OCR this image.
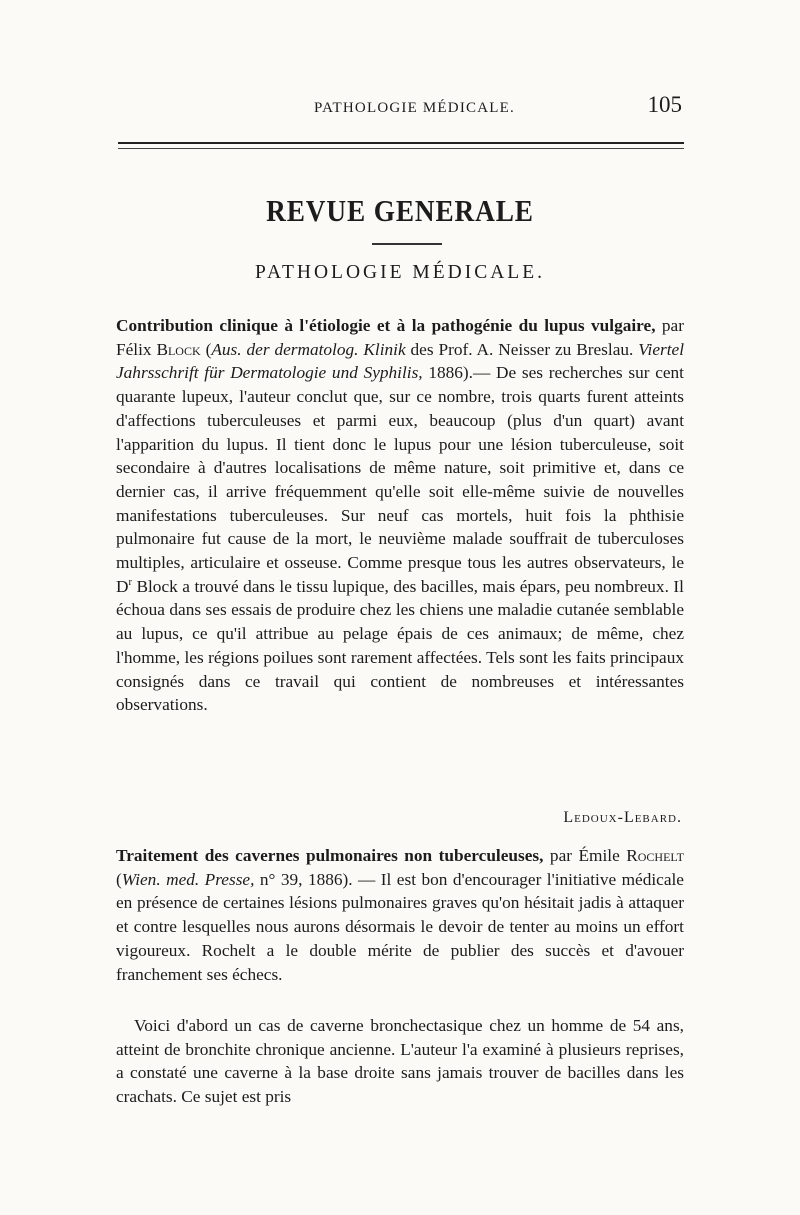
PATHOLOGIE MÉDICALE.	105
REVUE GENERALE
PATHOLOGIE MÉDICALE.

Contribution clinique à l'étiologie et à la pathogénie du lupus vulgaire, par Félix Block (Aus. der dermatolog. Klinik des Prof. A. Neisser zu Breslau. Viertel Jahrsschrift für Dermatologie und Syphilis, 1886).— De ses recherches sur cent quarante lupeux, l'auteur conclut que, sur ce nombre, trois quarts furent atteints d'affections tuberculeuses et parmi eux, beaucoup (plus d'un quart) avant l'apparition du lupus. Il tient donc le lupus pour une lésion tuberculeuse, soit secondaire à d'autres localisations de même nature, soit primitive et, dans ce dernier cas, il arrive fréquemment qu'elle soit elle-même suivie de nouvelles manifestations tuberculeuses. Sur neuf cas mortels, huit fois la phthisie pulmonaire fut cause de la mort, le neuvième malade souffrait de tuberculoses multiples, articulaire et osseuse. Comme presque tous les autres observateurs, le $D^r$ Block a trouvé dans le tissu lupique, des bacilles, mais épars, peu nombreux. Il échoua dans ses essais de produire chez les chiens une maladie cutanée semblable au lupus, ce qu'il attribue au pelage épais de ces animaux; de même, chez l'homme, les régions poilues sont rarement affectées. Tels sont les faits principaux consignés dans ce travail qui contient de nombreuses et intéressantes observations.

Ledoux-Lebard.

Traitement des cavernes pulmonaires non tuberculeuses, par Émile Rochelt (Wien. med. Presse, n° 39, 1886). — Il est bon d'encourager l'initiative médicale en présence de certaines lésions pulmonaires graves qu'on hésitait jadis à attaquer et contre lesquelles nous aurons désormais le devoir de tenter au moins un effort vigoureux. Rochelt a le double mérite de publier des succès et d'avouer franchement ses échecs.

Voici d'abord un cas de caverne bronchectasique chez un homme de 54 ans, atteint de bronchite chronique ancienne. L'auteur l'a examiné à plusieurs reprises, a constaté une caverne à la base droite sans jamais trouver de bacilles dans les crachats. Ce sujet est pris
